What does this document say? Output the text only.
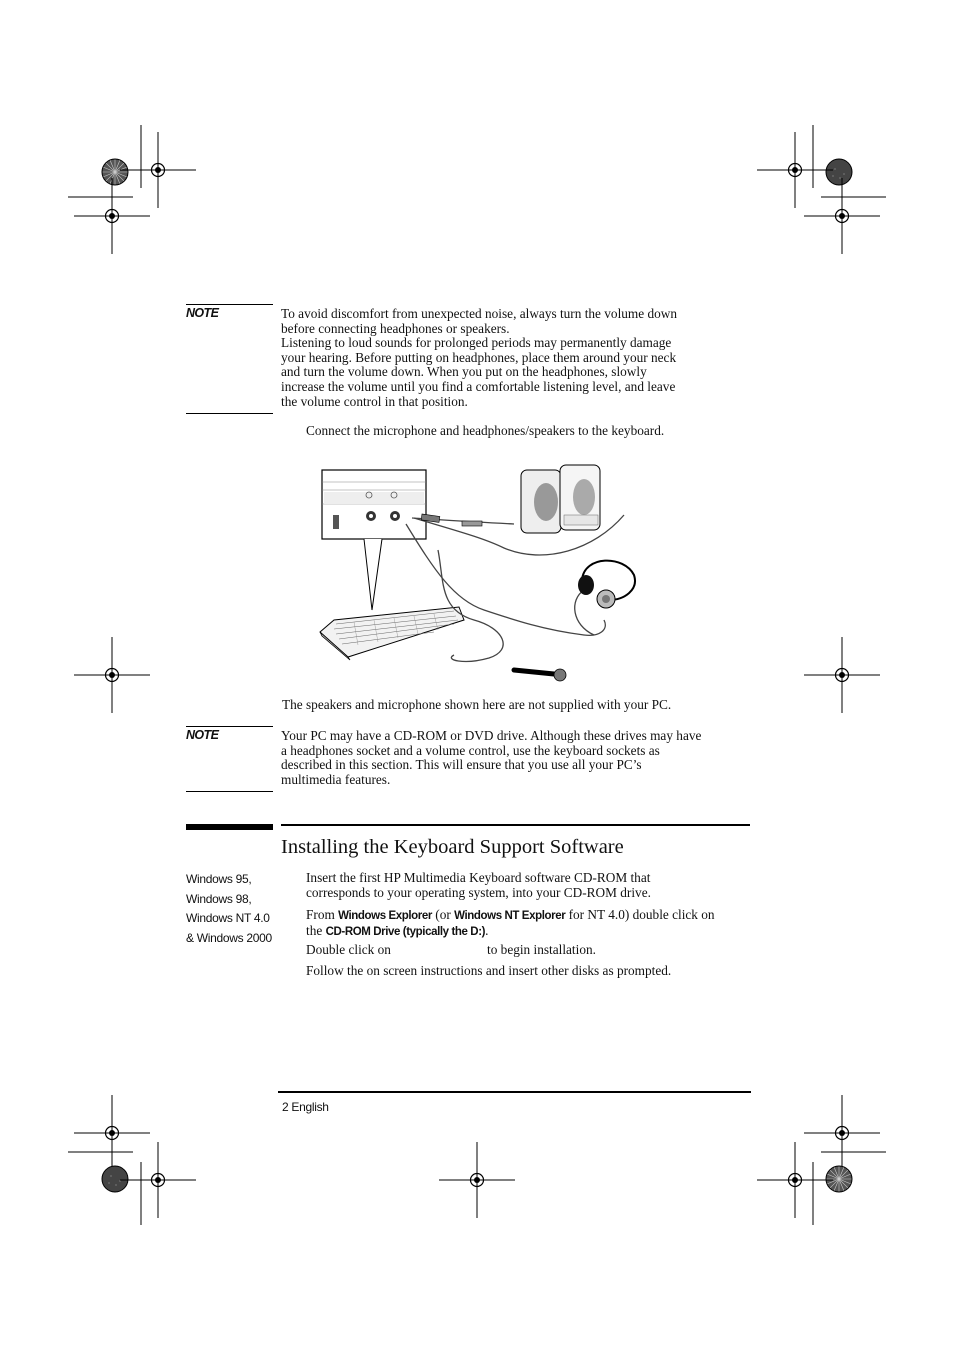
NOTE	To avoid discomfort from unexpected noise, always turn the volume down
before connecting headphones or speakers.
Listening to loud sounds for prolonged periods may permanently damage
your hearing. Before putting on headphones, place them around your neck
and turn the volume down. When you put on the headphones, slowly
increase the volume until you find a comfortable listening level, and leave
the volume control in that position.
Connect the microphone and headphones/speakers to the keyboard.
The speakers and microphone shown here are not supplied with your PC.
NOTE	Your PC may have a CD-ROM or DVD drive. Although these drives may have
a headphones socket and a volume control, use the keyboard sockets as
described in this section. This will ensure that you use all your PC’s
multimedia features.
Installing the Keyboard Support Software
Windows 95,
Windows 98,
Windows NT 4.0
& Windows 2000
Insert the first HP Multimedia Keyboard software CD-ROM that
corresponds to your operating system, into your CD-ROM drive.
From Windows Explorer (or Windows NT Explorer for NT 4.0) double click on
the CD-ROM Drive (typically the D:).
Double click on	to begin installation.
Follow the on screen instructions and insert other disks as prompted.
2 English
